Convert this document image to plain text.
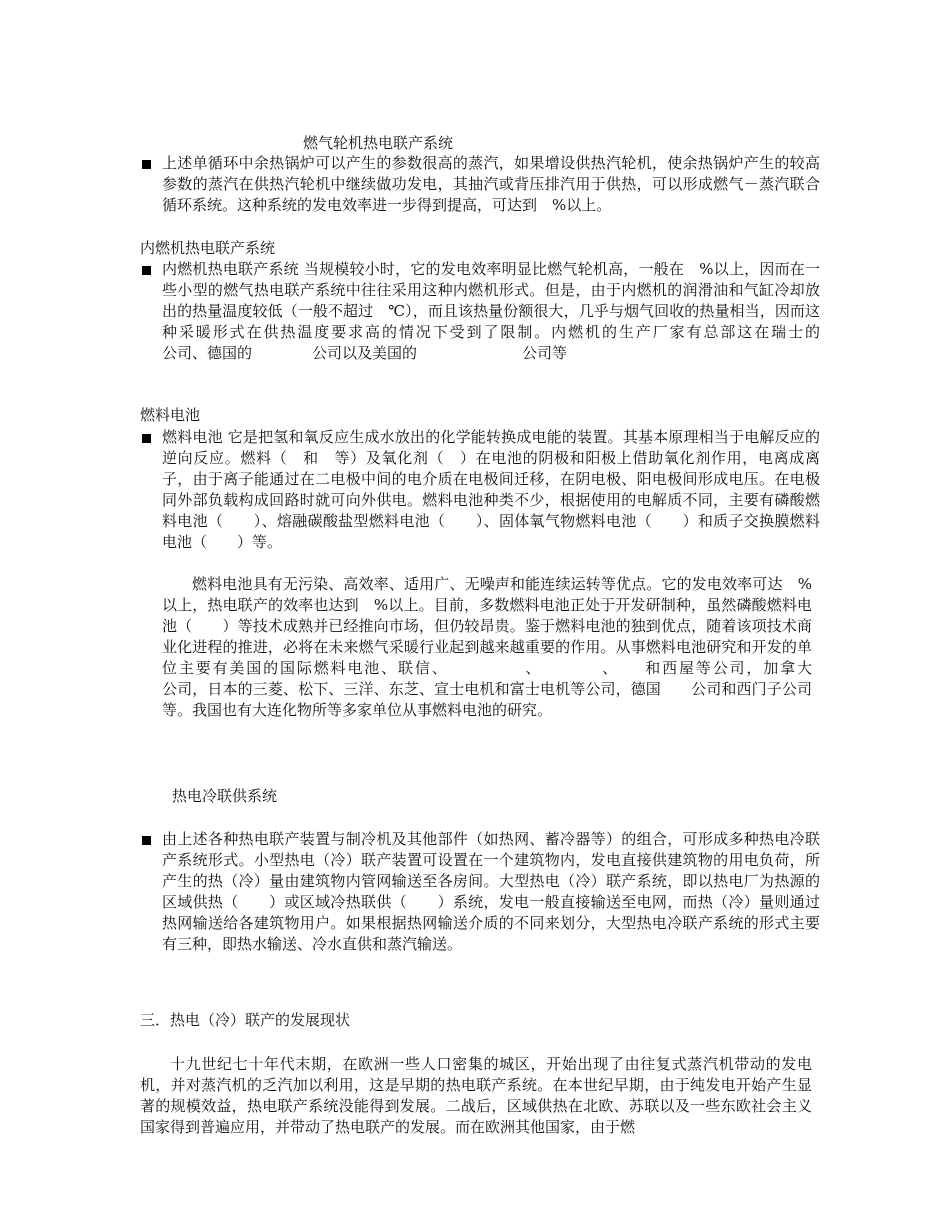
燃气轮机热电联产系统

上述单循环中余热锅炉可以产生的参数很高的蒸汽，如果增设供热汽轮机，使余热锅炉产生的较高参数的蒸汽在供热汽轮机中继续做功发电，其抽汽或背压排汽用于供热，可以形成燃气－蒸汽联合循环系统。这种系统的发电效率进一步得到提高，可达到　%以上。

内燃机热电联产系统

内燃机热电联产系统 当规模较小时，它的发电效率明显比燃气轮机高，一般在　%以上，因而在一些小型的燃气热电联产系统中往往采用这种内燃机形式。但是，由于内燃机的润滑油和气缸冷却放出的热量温度较低（一般不超过　℃），而且该热量份额很大，几乎与烟气回收的热量相当，因而这种采暖形式在供热温度要求高的情况下受到了限制。内燃机的生产厂家有总部这在瑞士的　　　　　　　公司、德国的　　　　公司以及美国的　　　　　　　公司等

燃料电池

燃料电池 它是把氢和氧反应生成水放出的化学能转换成电能的装置。其基本原理相当于电解反应的逆向反应。燃料（　和　等）及氧化剂（　）在电池的阴极和阳极上借助氧化剂作用，电离成离子，由于离子能通过在二电极中间的电介质在电极间迁移，在阴电极、阳电极间形成电压。在电极同外部负载构成回路时就可向外供电。燃料电池种类不少，根据使用的电解质不同，主要有磷酸燃料电池（　　）、熔融碳酸盐型燃料电池（　　）、固体氧气物燃料电池（　　）和质子交换膜燃料电池（　　）等。

燃料电池具有无污染、高效率、适用广、无噪声和能连续运转等优点。它的发电效率可达　%以上，热电联产的效率也达到　%以上。目前，多数燃料电池正处于开发研制种，虽然磷酸燃料电池（　　）等技术成熟并已经推向市场，但仍较昂贵。鉴于燃料电池的独到优点，随着该项技术商业化进程的推进，必将在未来燃气采暖行业起到越来越重要的作用。从事燃料电池研究和开发的单位主要有美国的国际燃料电池、联信、　　　　　、　　　　、　　和西屋等公司，加拿大　　　　公司，日本的三菱、松下、三洋、东芝、宣士电机和富士电机等公司，德国　　公司和西门子公司等。我国也有大连化物所等多家单位从事燃料电池的研究。

热电冷联供系统

由上述各种热电联产装置与制冷机及其他部件（如热网、蓄冷器等）的组合，可形成多种热电冷联产系统形式。小型热电（冷）联产装置可设置在一个建筑物内，发电直接供建筑物的用电负荷，所产生的热（冷）量由建筑物内管网输送至各房间。大型热电（冷）联产系统，即以热电厂为热源的区域供热（　　）或区域冷热联供（　　）系统，发电一般直接输送至电网，而热（冷）量则通过热网输送给各建筑物用户。如果根据热网输送介质的不同来划分，大型热电冷联产系统的形式主要有三种，即热水输送、冷水直供和蒸汽输送。

三．热电（冷）联产的发展现状

十九世纪七十年代末期，在欧洲一些人口密集的城区，开始出现了由往复式蒸汽机带动的发电机，并对蒸汽机的乏汽加以利用，这是早期的热电联产系统。在本世纪早期，由于纯发电开始产生显著的规模效益，热电联产系统没能得到发展。二战后，区域供热在北欧、苏联以及一些东欧社会主义国家得到普遍应用，并带动了热电联产的发展。而在欧洲其他国家，由于燃
